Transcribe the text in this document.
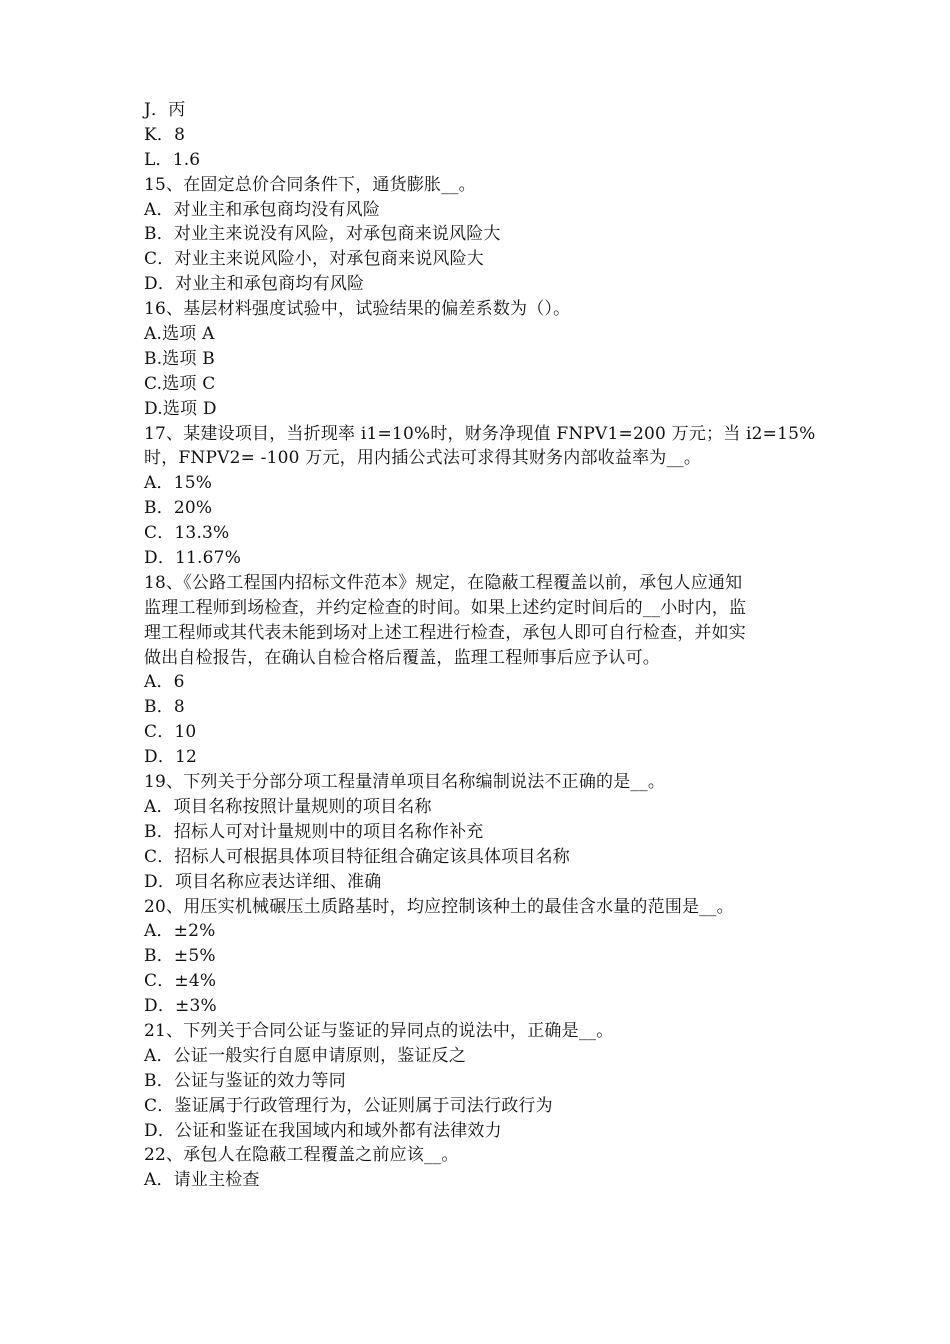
J．丙
K．8
L．1.6
15、在固定总价合同条件下，通货膨胀__。
A．对业主和承包商均没有风险
B．对业主来说没有风险，对承包商来说风险大
C．对业主来说风险小，对承包商来说风险大
D．对业主和承包商均有风险
16、基层材料强度试验中，试验结果的偏差系数为（）。
A.选项 A
B.选项 B
C.选项 C
D.选项 D
17、某建设项目，当折现率 i1=10%时，财务净现值 FNPV1=200 万元；当 i2=15%
时，FNPV2= -100 万元，用内插公式法可求得其财务内部收益率为__。
A．15%
B．20%
C．13.3%
D．11.67%
18、《公路工程国内招标文件范本》规定，在隐蔽工程覆盖以前，承包人应通知
监理工程师到场检查，并约定检查的时间。如果上述约定时间后的__小时内，监
理工程师或其代表未能到场对上述工程进行检查，承包人即可自行检查，并如实
做出自检报告，在确认自检合格后覆盖，监理工程师事后应予认可。
A．6
B．8
C．10
D．12
19、下列关于分部分项工程量清单项目名称编制说法不正确的是__。
A．项目名称按照计量规则的项目名称
B．招标人可对计量规则中的项目名称作补充
C．招标人可根据具体项目特征组合确定该具体项目名称
D．项目名称应表达详细、准确
20、用压实机械碾压土质路基时，均应控制该种土的最佳含水量的范围是__。
A．±2%
B．±5%
C．±4%
D．±3%
21、下列关于合同公证与鉴证的异同点的说法中，正确是__。
A．公证一般实行自愿申请原则，鉴证反之
B．公证与鉴证的效力等同
C．鉴证属于行政管理行为，公证则属于司法行政行为
D．公证和鉴证在我国域内和域外都有法律效力
22、承包人在隐蔽工程覆盖之前应该__。
A．请业主检查
